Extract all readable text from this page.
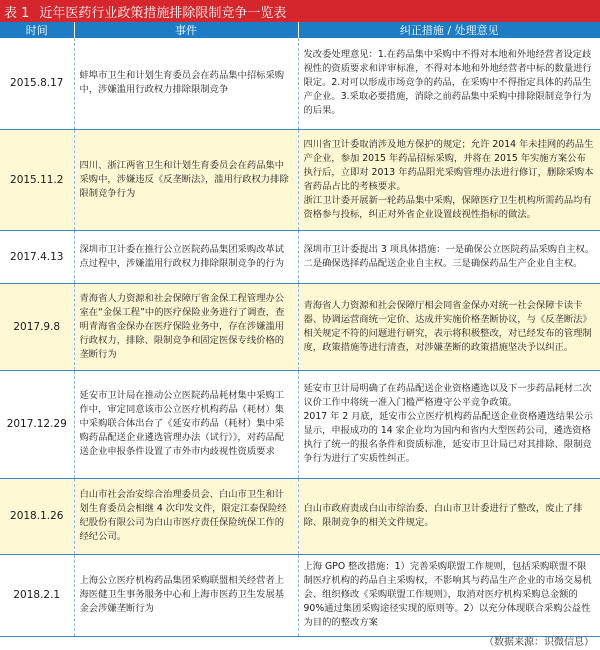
表 1 近年医药行业政策措施排除限制竞争一览表
时间	事件	纠正措施 / 处理意见
2015.8.17	蚌埠市卫生和计划生育委员会在药品集中招标采购中，涉嫌滥用行政权力排除限制竞争	发改委处理意见：1.在药品集中采购中不得对本地和外地经营者设定歧视性的资质要求和评审标准，不得对本地和外地经营者中标的数量进行限定。2.对可以形成市场竞争的药品，在采购中不得指定具体的药品生产企业。3.采取必要措施，消除之前药品集中采购中排除限制竞争行为的后果。

2015.11.2	四川、浙江两省卫生和计划生育委员会在药品集中采购中，涉嫌违反《反垄断法》，滥用行政权力排除限制竞争行为	四川省卫计委取消涉及地方保护的规定；允许 2014 年未挂网的药品生产企业，参加 2015 年药品招标采购，并将在 2015 年实施方案公布执行后，立即对 2013 年药品阳光采购管理办法进行修订，删除采购本省药品占比的考核要求。

浙江卫计委开展新一轮药品集中采购，保障医疗卫生机构所需药品均有资格参与投标，纠正对外省企业设置歧视性指标的做法。

2017.4.13	深圳市卫计委在推行公立医院药品集团采购改革试点过程中，涉嫌滥用行政权力排除限制竞争的行为	深圳市卫计委提出 3 项具体措施：一是确保公立医院药品采购自主权。二是确保选择药品配送企业自主权。三是确保药品生产企业自主权。

2017.9.8	青海省人力资源和社会保障厅省金保工程管理办公室在“金保工程”中的医疗保险业务进行了调查，查明青海省金保办在医疗保险业务中，存在涉嫌滥用行政权力，排除、限制竞争和固定医保专线价格的垄断行为	青海省人力资源和社会保障厅相会同省金保办对统一社会保障卡读卡器、协调运营商统一定价、达成并实施价格垄断协议，与《反垄断法》相关规定不符的问题进行研究，表示将积极整改，对已经发布的管理制度，政策措施等进行清查，对涉嫌垄断的政策措施坚决予以纠正。

2017.12.29	延安市卫计局在推动公立医院药品耗材集中采购工作中，审定同意该市公立医疗机构药品（耗材）集中采购联合体出台了《延安市药品（耗材）集中采购药品配送企业遴选管理办法（试行）》，对药品配送企业申报条件设置了市外市内歧视性资质要求	延安市卫计局明确了在药品配送企业资格遴选以及下一步药品耗材二次议价工作中将统一准入门槛严格遵守公平竞争政策。

2017 年 2 月底，延安市公立医疗机构药品配送企业资格遴选结果公示显示，申报成功的 14 家企业均为国内和省内大型医药公司，遴选资格执行了统一的报名条件和资质标准，延安市卫计局已对其排除、限制竞争行为进行了实质性纠正。

2018.1.26	白山市社会治安综合治理委员会、白山市卫生和计划生育委员会相继 4 次印发文件，限定江泰保险经纪股份有限公司为白山市医疗责任保险统保工作的经纪公司。	白山市政府责成白山市综治委、白山市卫计委进行了整改，废止了排除、限制竞争的相关文件规定。

2018.2.1	上海公立医疗机构药品集团采购联盟相关经营者上海医健卫生事务服务中心和上海市医药卫生发展基金会涉嫌垄断行为	上海 GPO 整改措施：1）完善采购联盟工作规则，包括采购联盟不限制医疗机构的药品自主采购权，不影响其与药品生产企业的市场交易机会、组织修改《采购联盟工作规则》，取消对医疗机构采购总金额的 90%通过集团采购途径实现的原则等。2）以充分体现联合采购公益性为目的的整改方案

（数据来源：识微信息）
